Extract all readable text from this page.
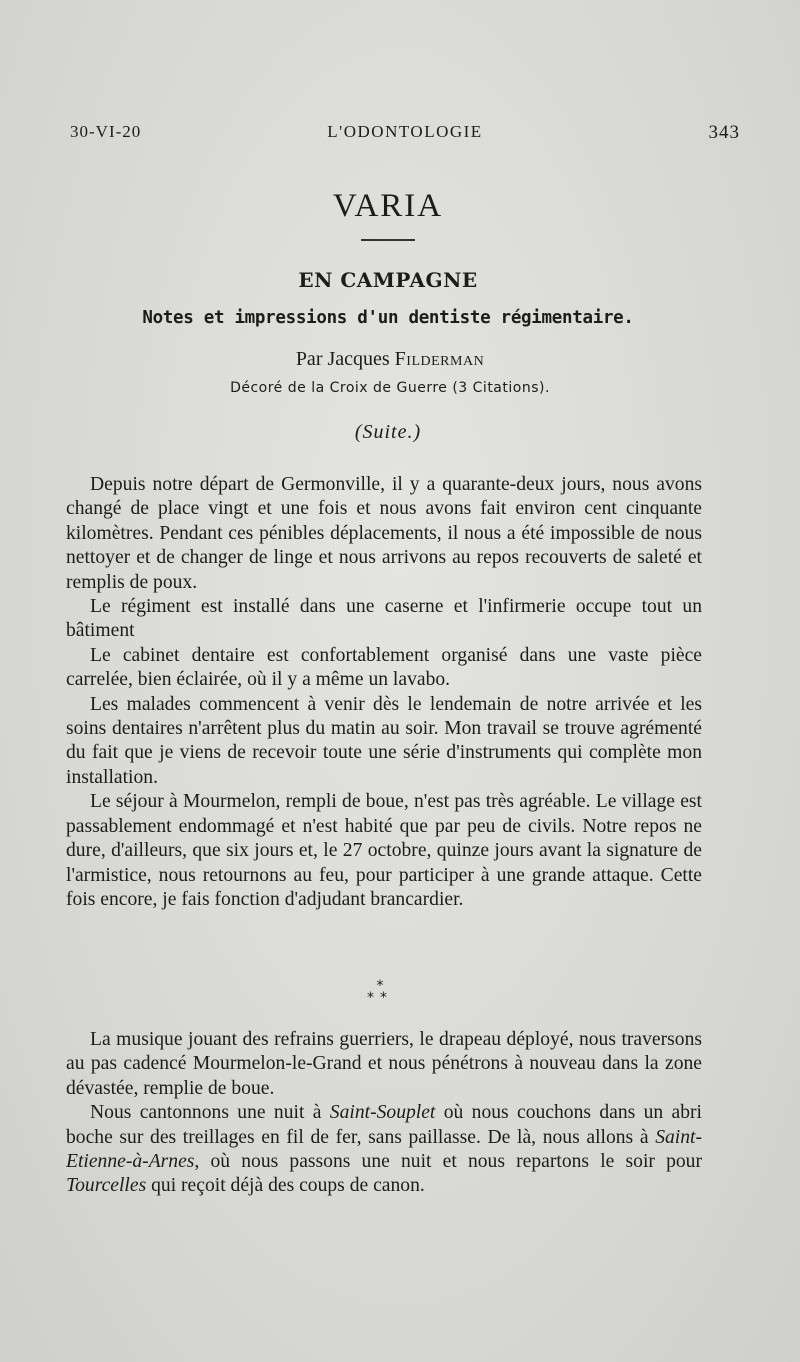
30-VI-20	L'ODONTOLOGIE	343
VARIA
EN CAMPAGNE
Notes et impressions d'un dentiste régimentaire.
Par Jacques Filderman
Décoré de la Croix de Guerre (3 Citations).
(Suite.)

Depuis notre départ de Germonville, il y a quarante-deux jours, nous avons changé de place vingt et une fois et nous avons fait environ cent cinquante kilomètres. Pendant ces pénibles déplacements, il nous a été impossible de nous nettoyer et de changer de linge et nous arrivons au repos recouverts de saleté et remplis de poux.

Le régiment est installé dans une caserne et l'infirmerie occupe tout un bâtiment

Le cabinet dentaire est confortablement organisé dans une vaste pièce carrelée, bien éclairée, où il y a même un lavabo.

Les malades commencent à venir dès le lendemain de notre arrivée et les soins dentaires n'arrêtent plus du matin au soir. Mon travail se trouve agrémenté du fait que je viens de recevoir toute une série d'instruments qui complète mon installation.

Le séjour à Mourmelon, rempli de boue, n'est pas très agréable. Le village est passablement endommagé et n'est habité que par peu de civils. Notre repos ne dure, d'ailleurs, que six jours et, le 27 octobre, quinze jours avant la signature de l'armistice, nous retournons au feu, pour participer à une grande attaque. Cette fois encore, je fais fonction d'adjudant brancardier.

*
**

La musique jouant des refrains guerriers, le drapeau déployé, nous traversons au pas cadencé Mourmelon-le-Grand et nous pénétrons à nouveau dans la zone dévastée, remplie de boue.

Nous cantonnons une nuit à Saint-Souplet où nous couchons dans un abri boche sur des treillages en fil de fer, sans paillasse. De là, nous allons à Saint-Etienne-à-Arnes, où nous passons une nuit et nous repartons le soir pour Tourcelles qui reçoit déjà des coups de canon.
